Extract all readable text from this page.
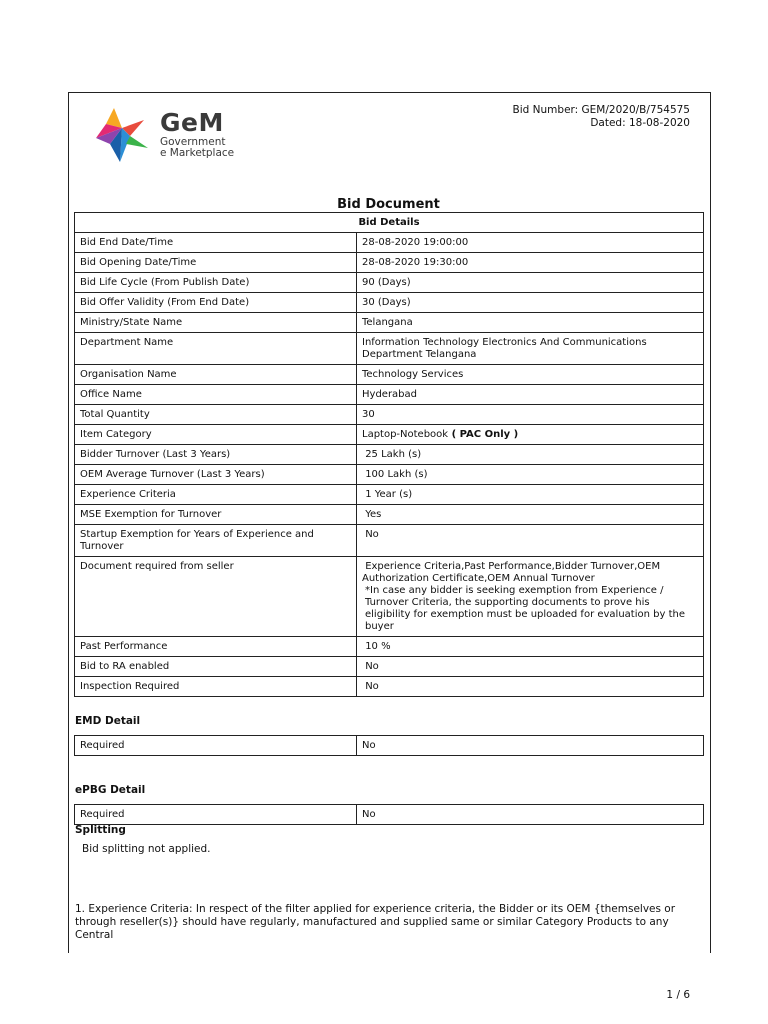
GeM
Government
e Marketplace
Bid Number: GEM/2020/B/754575
Dated: 18-08-2020
Bid Document
Bid Details	
Bid End Date/Time	28-08-2020 19:00:00
Bid Opening Date/Time	28-08-2020 19:30:00
Bid Life Cycle (From Publish Date)	90 (Days)
Bid Offer Validity (From End Date)	30 (Days)
Ministry/State Name	Telangana
Department Name	Information Technology Electronics And Communications Department Telangana
Organisation Name	Technology Services
Office Name	Hyderabad
Total Quantity	30
Item Category	Laptop-Notebook ( PAC Only )
Bidder Turnover (Last 3 Years)	25 Lakh (s)
OEM Average Turnover (Last 3 Years)	100 Lakh (s)
Experience Criteria	1 Year (s)
MSE Exemption for Turnover	Yes
Startup Exemption for Years of Experience and Turnover	No
Document required from seller	Experience Criteria,Past Performance,Bidder Turnover,OEM Authorization Certificate,OEM Annual Turnover
*In case any bidder is seeking exemption from Experience / Turnover Criteria, the supporting documents to prove his eligibility for exemption must be uploaded for evaluation by the buyer

Past Performance	10 %
Bid to RA enabled	No
Inspection Required	No
EMD Detail
Required	No
ePBG Detail
Required	No
Splitting
Bid splitting not applied.
1. Experience Criteria: In respect of the filter applied for experience criteria, the Bidder or its OEM {themselves or through reseller(s)} should have regularly, manufactured and supplied same or similar Category Products to any Central
1 / 6
